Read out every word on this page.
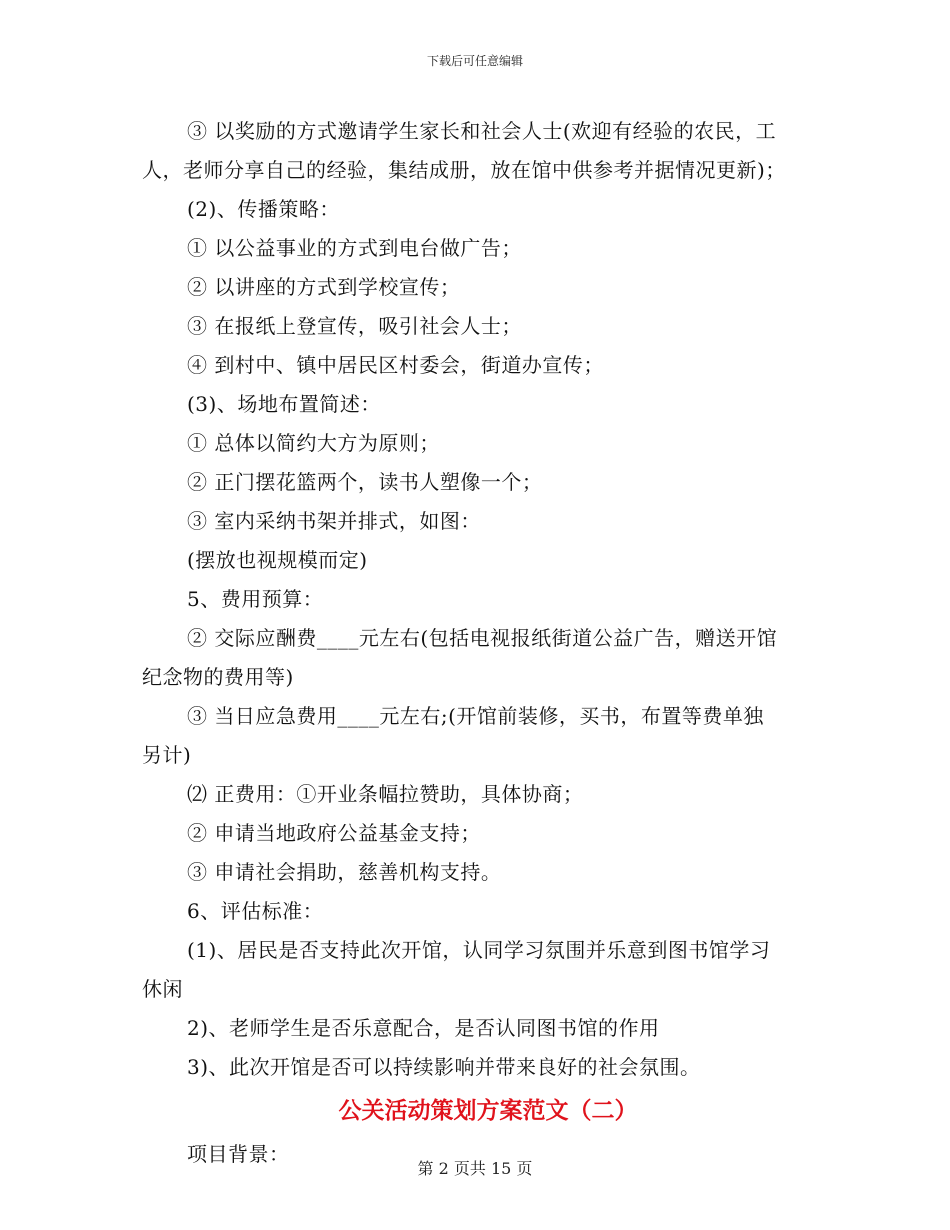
下载后可任意编辑
③ 以奖励的方式邀请学生家长和社会人士(欢迎有经验的农民，工
人，老师分享自己的经验，集结成册，放在馆中供参考并据情况更新)；
(2)、传播策略：
① 以公益事业的方式到电台做广告；
② 以讲座的方式到学校宣传；
③ 在报纸上登宣传，吸引社会人士；
④ 到村中、镇中居民区村委会，街道办宣传；
(3)、场地布置简述：
① 总体以简约大方为原则；
② 正门摆花篮两个，读书人塑像一个；
③ 室内采纳书架并排式，如图：
(摆放也视规模而定)
5、费用预算：
② 交际应酬费____元左右(包括电视报纸街道公益广告，赠送开馆
纪念物的费用等)
③ 当日应急费用____元左右;(开馆前装修，买书，布置等费单独
另计)
⑵ 正费用：①开业条幅拉赞助，具体协商；
② 申请当地政府公益基金支持；
③ 申请社会捐助，慈善机构支持。
6、评估标准：
(1)、居民是否支持此次开馆，认同学习氛围并乐意到图书馆学习
休闲
2)、老师学生是否乐意配合，是否认同图书馆的作用
3)、此次开馆是否可以持续影响并带来良好的社会氛围。
公关活动策划方案范文（二）
项目背景：
第 2 页共 15 页
